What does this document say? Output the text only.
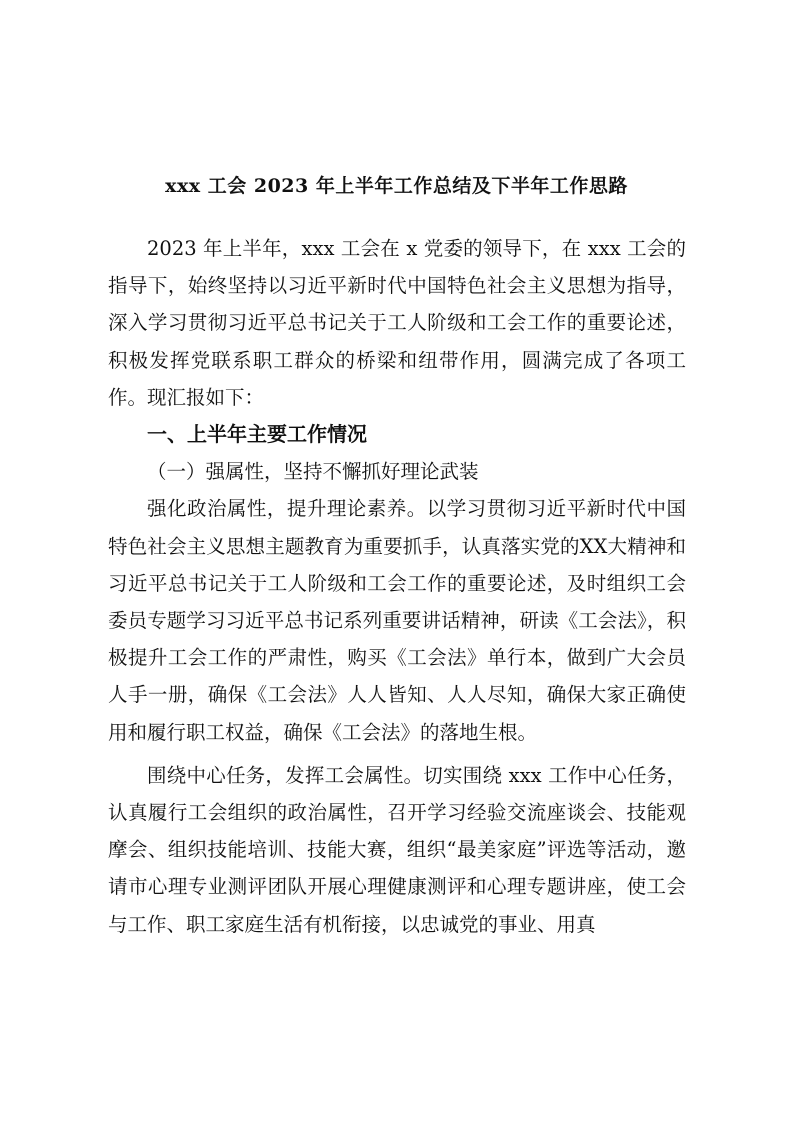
xxx 工会 2023 年上半年工作总结及下半年工作思路

2023 年上半年，xxx 工会在 x 党委的领导下，在 xxx 工会的指导下，始终坚持以习近平新时代中国特色社会主义思想为指导，深入学习贯彻习近平总书记关于工人阶级和工会工作的重要论述，积极发挥党联系职工群众的桥梁和纽带作用，圆满完成了各项工作。现汇报如下：

一、上半年主要工作情况

（一）强属性，坚持不懈抓好理论武装

强化政治属性，提升理论素养。以学习贯彻习近平新时代中国特色社会主义思想主题教育为重要抓手，认真落实党的XX大精神和习近平总书记关于工人阶级和工会工作的重要论述，及时组织工会委员专题学习习近平总书记系列重要讲话精神，研读《工会法》，积极提升工会工作的严肃性，购买《工会法》单行本，做到广大会员人手一册，确保《工会法》人人皆知、人人尽知，确保大家正确使用和履行职工权益，确保《工会法》的落地生根。

围绕中心任务，发挥工会属性。切实围绕 xxx 工作中心任务，认真履行工会组织的政治属性，召开学习经验交流座谈会、技能观摩会、组织技能培训、技能大赛，组织“最美家庭”评选等活动，邀请市心理专业测评团队开展心理健康测评和心理专题讲座，使工会与工作、职工家庭生活有机衔接，以忠诚党的事业、用真
